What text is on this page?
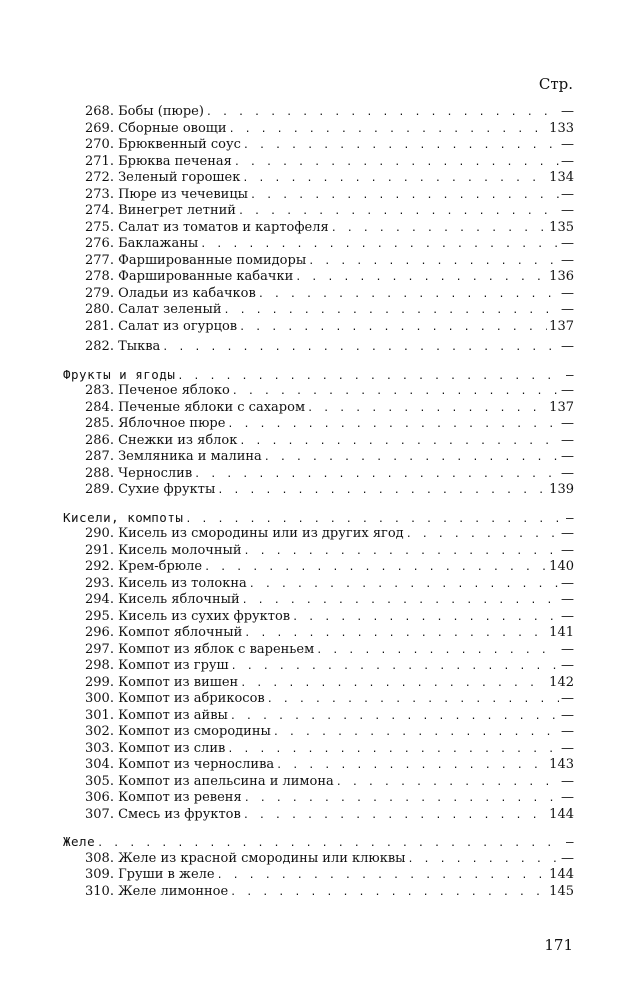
Стр.
268. Бобы (пюре) . . .	—
269. Сборные овощи . . .	133
270. Брюквенный соус . . .	—
271. Брюква печеная . . .	—
272. Зеленый горошек . . .	134
273. Пюре из чечевицы . . .	—
274. Винегрет летний . . .	—
275. Салат из томатов и картофеля . . .	135
276. Баклажаны . . .	—
277. Фаршированные помидоры . . .	—
278. Фаршированные кабачки . . .	136
279. Оладьи из кабачков . . .	—
280. Салат зеленый . . .	—
281. Салат из огурцов . . .	137
282. Тыква . . .	—
Фрукты и ягоды . . .	—
283. Печеное яблоко . . .	—
284. Печеные яблоки с сахаром . . .	137
285. Яблочное пюре . . .	—
286. Снежки из яблок . . .	—
287. Земляника и малина . . .	—
288. Чернослив . . .	—
289. Сухие фрукты . . .	139
Кисели, компоты . . .	—
290. Кисель из смородины или из других ягод . . .	—
291. Кисель молочный . . .	—
292. Крем-брюле . . .	140
293. Кисель из толокна . . .	—
294. Кисель яблочный . . .	—
295. Кисель из сухих фруктов . . .	—
296. Компот яблочный . . .	141
297. Компот из яблок с вареньем . . .	—
298. Компот из груш . . .	—
299. Компот из вишен . . .	142
300. Компот из абрикосов . . .	—
301. Компот из айвы . . .	—
302. Компот из смородины . . .	—
303. Компот из слив . . .	—
304. Компот из чернослива . . .	143
305. Компот из апельсина и лимона . . .	—
306. Компот из ревеня . . .	—
307. Смесь из фруктов . . .	144
Желе . . .	—
308. Желе из красной смородины или клюквы . . .	—
309. Груши в желе . . .	144
310. Желе лимонное . . .	145
171
